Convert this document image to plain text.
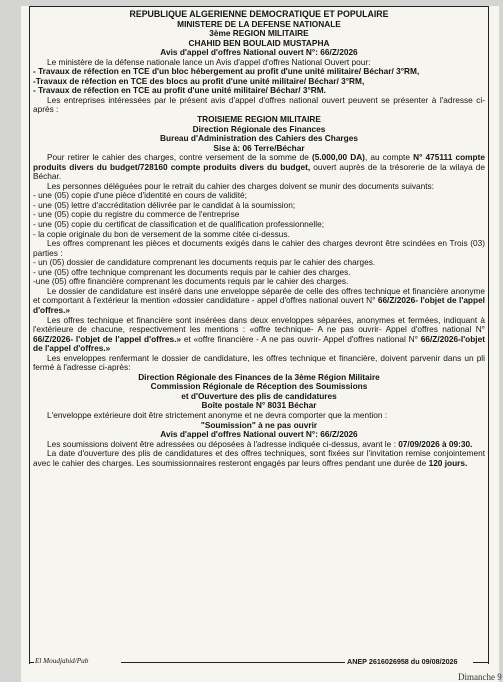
REPUBLIQUE ALGERIENNE DEMOCRATIQUE ET POPULAIRE

MINISTERE DE LA DEFENSE NATIONALE

3ème REGION MILITAIRE

CHAHID BEN BOULAID MUSTAPHA

Avis d'appel d'offres National ouvert N°: 66/Z/2026

Le ministère de la défense nationale lance un Avis d'appel d'offres National Ouvert pour:

- Travaux de réfection en TCE d'un bloc hébergement au profit d'une unité militaire/ Béchar/ 3°RM,

-Travaux de réfection en TCE des blocs au profit d'une unité militaire/ Béchar/ 3°RM,

- Travaux de réfection en TCE au profit d'une unité militaire/ Béchar/ 3°RM.

Les entreprises intéressées par le présent avis d'appel d'offres national ouvert peuvent se présenter à l'adresse ci-après :

TROISIEME REGION MILITAIRE

Direction Régionale des Finances

Bureau d'Administration des Cahiers des Charges

Sise à: 06 Terre/Béchar

Pour retirer le cahier des charges, contre versement de la somme de (5.000,00 DA), au compte N° 475111 compte produits divers du budget/728160 compte produits divers du budget, ouvert auprès de la trésorerie de la wilaya de Béchar.

Les personnes déléguées pour le retrait du cahier des charges doivent se munir des documents suivants:

- une (05) copie d'une pièce d'identité en cours de validité;

- une (05) lettre d'accréditation délivrée par le candidat à la soumission;

- une (05) copie du registre du commerce de l'entreprise

- une (05) copie du certificat de classification et de qualification professionnelle;

- la copie originale du bon de versement de la somme citée ci-dessus.

Les offres comprenant les pièces et documents exigés dans le cahier des charges devront être scindées en Trois (03) parties :

- un (05) dossier de candidature comprenant les documents requis par le cahier des charges.

- une (05) offre technique comprenant les documents requis par le cahier des charges.

-une (05) offre financière comprenant les documents requis par le cahier des charges.

Le dossier de candidature est inséré dans une enveloppe séparée de celle des offres technique et financière anonyme et comportant à l'extérieur la mention «dossier candidature - appel d'offres national ouvert N° 66/Z/2026- l'objet de l'appel d'offres.»

Les offres technique et financière sont insérées dans deux enveloppes séparées, anonymes et fermées, indiquant à l'extérieure de chacune, respectivement les mentions : «offre technique- A ne pas ouvrir- Appel d'offres national N° 66/Z/2026- l'objet de l'appel d'offres.» et «offre financière - A ne pas ouvrir- Appel d'offres national N° 66/Z/2026-l'objet de l'appel d'offres.»

Les enveloppes renfermant le dossier de candidature, les offres technique et financière, doivent parvenir dans un pli fermé à l'adresse ci-après:

Direction Régionale des Finances de la 3ème Région Militaire

Commission Régionale de Réception des Soumissions

et d'Ouverture des plis de candidatures

Boîte postale N° 8031 Béchar

L'enveloppe extérieure doit être strictement anonyme et ne devra comporter que la mention :

"Soumission" à ne pas ouvrir

Avis d'appel d'offres National ouvert N°: 66/Z/2026

Les soumissions doivent être adressées ou déposées à l'adresse indiquée ci-dessus, avant le : 07/09/2026 à 09:30.

La date d'ouverture des plis de candidatures et des offres techniques, sont fixées sur l'invitation remise conjointement avec le cahier des charges. Les soumissionnaires resteront engagés par leurs offres pendant une durée de 120 jours.

El Moudjahid/Pub	ANEP 2616026958 du 09/08/2026
Dimanche 9
